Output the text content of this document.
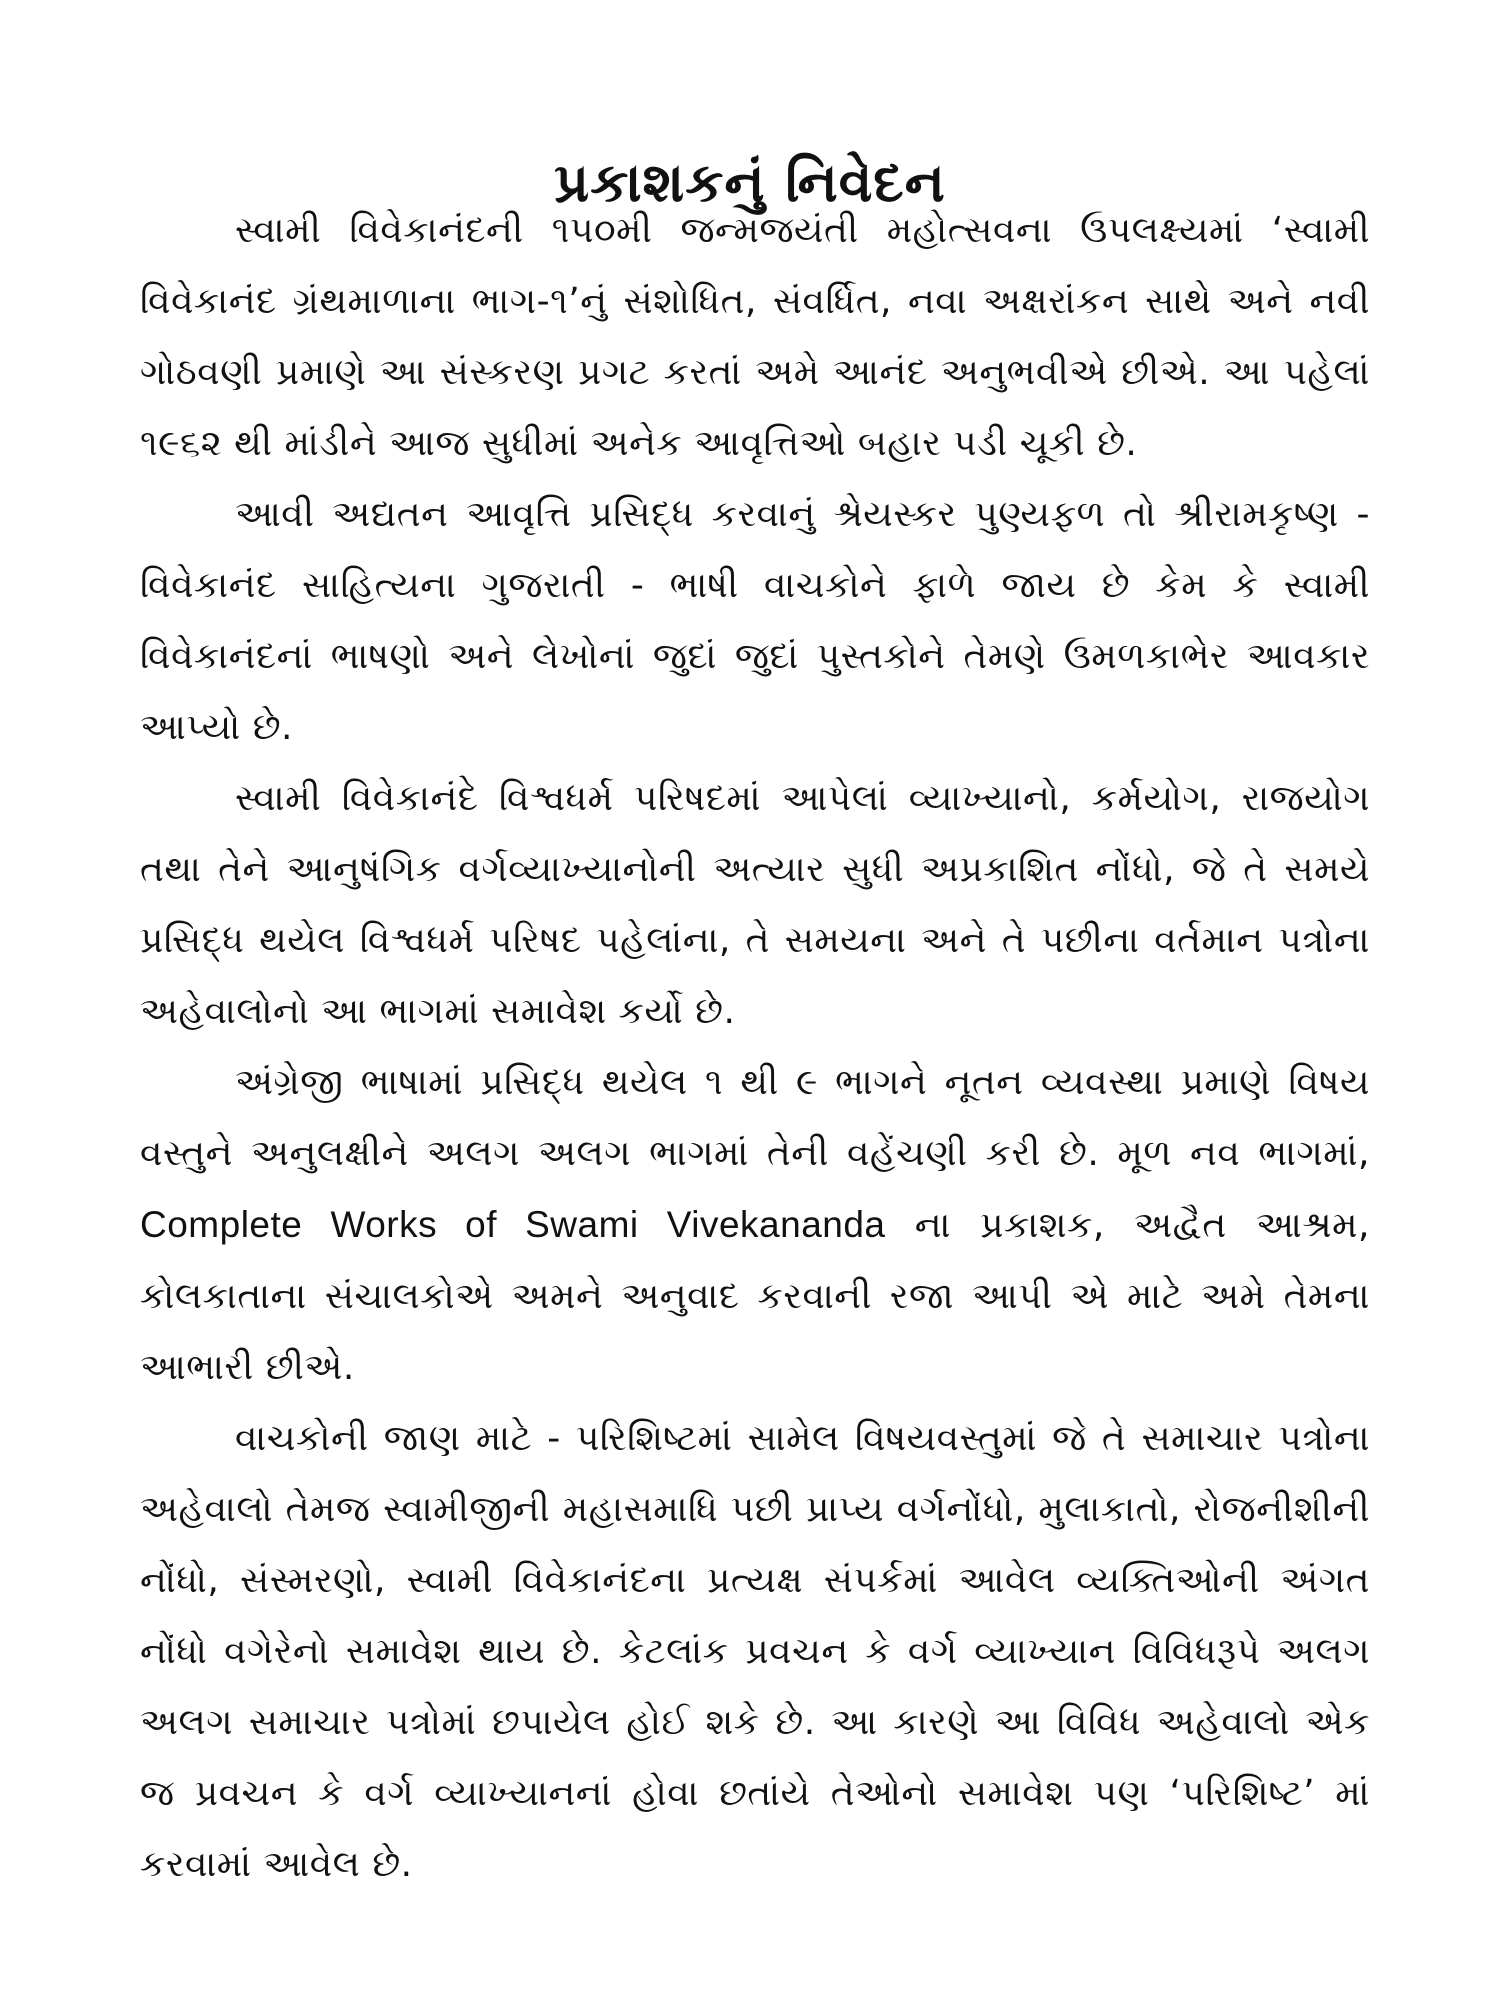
પ્રકાશકનું નિવેદન

સ્વામી વિવેકાનંદની ૧૫૦મી જન્મજયંતી મહોત્સવના ઉપલક્ષ્યમાં ‘સ્વામી વિવેકાનંદ ગ્રંથમાળાના ભાગ-૧’નું સંશોધિત, સંવર્ધિત, નવા અક્ષરાંકન સાથે અને નવી ગોઠવણી પ્રમાણે આ સંસ્કરણ પ્રગટ કરતાં અમે આનંદ અનુભવીએ છીએ. આ પહેલાં ૧૯૬૨ થી માંડીને આજ સુધીમાં અનેક આવૃત્તિઓ બહાર પડી ચૂકી છે.

આવી અદ્યતન આવૃત્તિ પ્રસિદ્ધ કરવાનું શ્રેયસ્કર પુણ્યફળ તો શ્રીરામકૃષ્ણ - વિવેકાનંદ સાહિત્યના ગુજરાતી - ભાષી વાચકોને ફાળે જાય છે કેમ કે સ્વામી વિવેકાનંદનાં ભાષણો અને લેખોનાં જુદાં જુદાં પુસ્તકોને તેમણે ઉમળકાભેર આવકાર આપ્યો છે.

સ્વામી વિવેકાનંદે વિશ્વધર્મ પરિષદમાં આપેલાં વ્યાખ્યાનો, કર્મયોગ, રાજયોગ તથા તેને આનુષંગિક વર્ગવ્યાખ્યાનોની અત્યાર સુધી અપ્રકાશિત નોંધો, જે તે સમયે પ્રસિદ્ધ થયેલ વિશ્વધર્મ પરિષદ પહેલાંના, તે સમયના અને તે પછીના વર્તમાન પત્રોના અહેવાલોનો આ ભાગમાં સમાવેશ કર્યો છે.

અંગ્રેજી ભાષામાં પ્રસિદ્ધ થયેલ ૧ થી ૯ ભાગને નૂતન વ્યવસ્થા પ્રમાણે વિષય વસ્તુને અનુલક્ષીને અલગ અલગ ભાગમાં તેની વહેંચણી કરી છે. મૂળ નવ ભાગમાં, Complete Works of Swami Vivekananda ના પ્રકાશક, અદ્વૈત આશ્રમ, કોલકાતાના સંચાલકોએ અમને અનુવાદ કરવાની રજા આપી એ માટે અમે તેમના આભારી છીએ.

વાચકોની જાણ માટે - પરિશિષ્ટમાં સામેલ વિષયવસ્તુમાં જે તે સમાચાર પત્રોના અહેવાલો તેમજ સ્વામીજીની મહાસમાધિ પછી પ્રાપ્ય વર્ગનોંધો, મુલાકાતો, રોજનીશીની નોંધો, સંસ્મરણો, સ્વામી વિવેકાનંદના પ્રત્યક્ષ સંપર્કમાં આવેલ વ્યક્તિઓની અંગત નોંધો વગેરેનો સમાવેશ થાય છે. કેટલાંક પ્રવચન કે વર્ગ વ્યાખ્યાન વિવિધરૂપે અલગ અલગ સમાચાર પત્રોમાં છપાયેલ હોઈ શકે છે. આ કારણે આ વિવિધ અહેવાલો એક જ પ્રવચન કે વર્ગ વ્યાખ્યાનનાં હોવા છતાંયે તેઓનો સમાવેશ પણ ‘પરિશિષ્ટ’ માં કરવામાં આવેલ છે.
